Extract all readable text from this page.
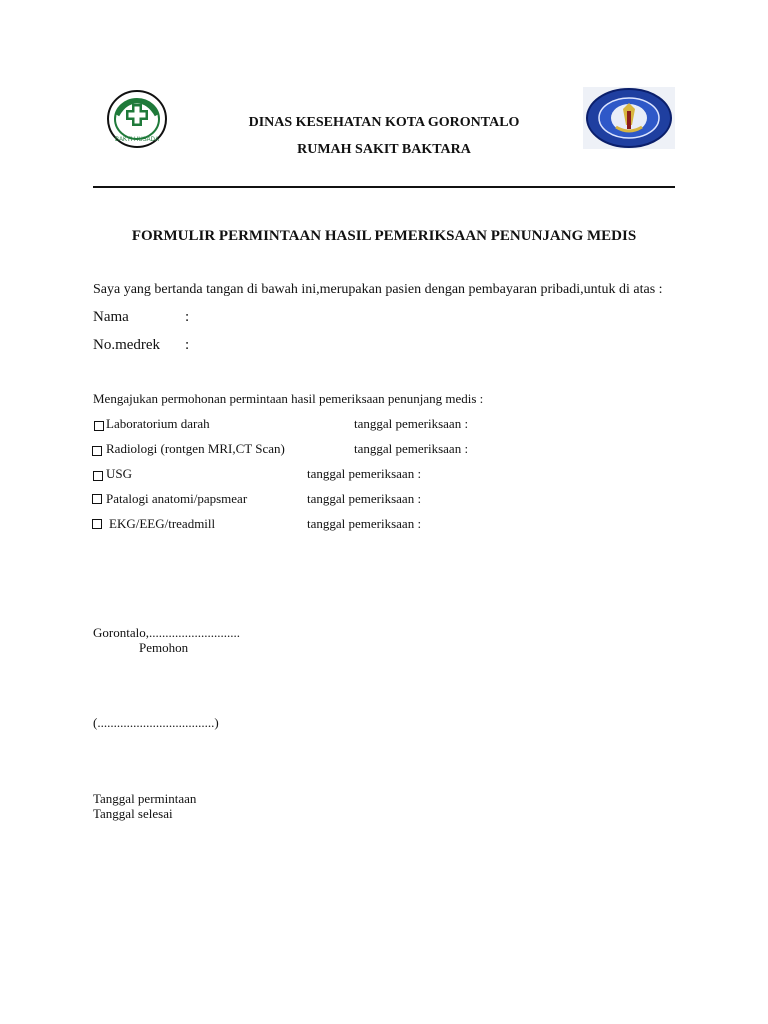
BAKTI HUSADA
DINAS KESEHATAN KOTA GORONTALO
RUMAH SAKIT BAKTARA
FORMULIR PERMINTAAN HASIL PEMERIKSAAN PENUNJANG MEDIS
Saya yang bertanda tangan di bawah ini,merupakan pasien dengan pembayaran pribadi,untuk di atas :
Nama	:
No.medrek :
Mengajukan permohonan permintaan hasil pemeriksaan penunjang medis :
Laboratorium darah	tanggal pemeriksaan :
Radiologi (rontgen MRI,CT Scan)	tanggal pemeriksaan :
USG	tanggal pemeriksaan :
Patalogi anatomi/papsmear	tanggal pemeriksaan :
EKG/EEG/treadmill	tanggal pemeriksaan :
Gorontalo,............................
Pemohon
(....................................)
Tanggal permintaan
Tanggal selesai
